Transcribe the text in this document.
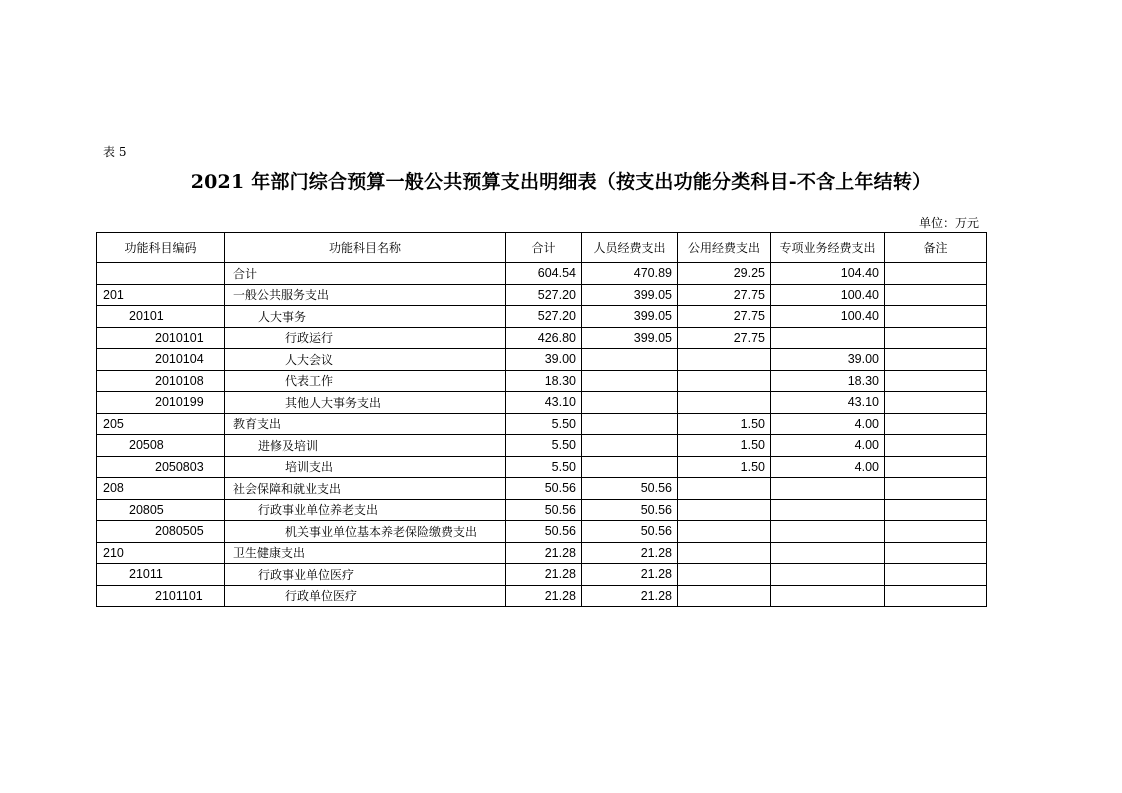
表 5
2021 年部门综合预算一般公共预算支出明细表（按支出功能分类科目-不含上年结转）
单位：万元
功能科目编码	功能科目名称	合计	人员经费支出	公用经费支出	专项业务经费支出	备注
	合计	604.54	470.89	29.25	104.40	
201	一般公共服务支出	527.20	399.05	27.75	100.40	
20101	人大事务	527.20	399.05	27.75	100.40	
2010101	行政运行	426.80	399.05	27.75		
2010104	人大会议	39.00			39.00	
2010108	代表工作	18.30			18.30	
2010199	其他人大事务支出	43.10			43.10	
205	教育支出	5.50		1.50	4.00	
20508	进修及培训	5.50		1.50	4.00	
2050803	培训支出	5.50		1.50	4.00	
208	社会保障和就业支出	50.56	50.56			
20805	行政事业单位养老支出	50.56	50.56			
2080505	机关事业单位基本养老保险缴费支出	50.56	50.56			
210	卫生健康支出	21.28	21.28			
21011	行政事业单位医疗	21.28	21.28			
2101101	行政单位医疗	21.28	21.28			
